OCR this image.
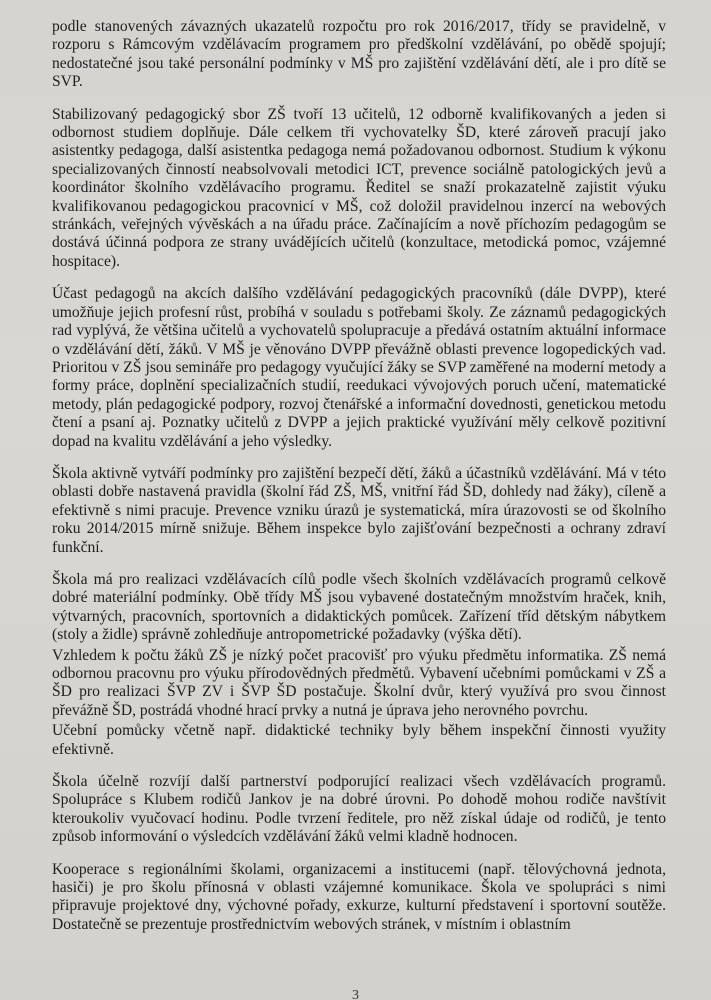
podle stanovených závazných ukazatelů rozpočtu pro rok 2016/2017, třídy se pravidelně, v rozporu s Rámcovým vzdělávacím programem pro předškolní vzdělávání, po obědě spojují; nedostatečné jsou také personální podmínky v MŠ pro zajištění vzdělávání dětí, ale i pro dítě se SVP.

Stabilizovaný pedagogický sbor ZŠ tvoří 13 učitelů, 12 odborně kvalifikovaných a jeden si odbornost studiem doplňuje. Dále celkem tři vychovatelky ŠD, které zároveň pracují jako asistentky pedagoga, další asistentka pedagoga nemá požadovanou odbornost. Studium k výkonu specializovaných činností neabsolvovali metodici ICT, prevence sociálně patologických jevů a koordinátor školního vzdělávacího programu. Ředitel se snaží prokazatelně zajistit výuku kvalifikovanou pedagogickou pracovnicí v MŠ, což doložil pravidelnou inzercí na webových stránkách, veřejných vývěskách a na úřadu práce. Začínajícím a nově příchozím pedagogům se dostává účinná podpora ze strany uvádějících učitelů (konzultace, metodická pomoc, vzájemné hospitace).

Účast pedagogů na akcích dalšího vzdělávání pedagogických pracovníků (dále DVPP), které umožňuje jejich profesní růst, probíhá v souladu s potřebami školy. Ze záznamů pedagogických rad vyplývá, že většina učitelů a vychovatelů spolupracuje a předává ostatním aktuální informace o vzdělávání dětí, žáků. V MŠ je věnováno DVPP převážně oblasti prevence logopedických vad. Prioritou v ZŠ jsou semináře pro pedagogy vyučující žáky se SVP zaměřené na moderní metody a formy práce, doplnění specializačních studií, reedukaci vývojových poruch učení, matematické metody, plán pedagogické podpory, rozvoj čtenářské a informační dovednosti, genetickou metodu čtení a psaní aj. Poznatky učitelů z DVPP a jejich praktické využívání měly celkově pozitivní dopad na kvalitu vzdělávání a jeho výsledky.

Škola aktivně vytváří podmínky pro zajištění bezpečí dětí, žáků a účastníků vzdělávání. Má v této oblasti dobře nastavená pravidla (školní řád ZŠ, MŠ, vnitřní řád ŠD, dohledy nad žáky), cíleně a efektivně s nimi pracuje. Prevence vzniku úrazů je systematická, míra úrazovosti se od školního roku 2014/2015 mírně snižuje. Během inspekce bylo zajišťování bezpečnosti a ochrany zdraví funkční.

Škola má pro realizaci vzdělávacích cílů podle všech školních vzdělávacích programů celkově dobré materiální podmínky. Obě třídy MŠ jsou vybavené dostatečným množstvím hraček, knih, výtvarných, pracovních, sportovních a didaktických pomůcek. Zařízení tříd dětským nábytkem (stoly a židle) správně zohledňuje antropometrické požadavky (výška dětí).

Vzhledem k počtu žáků ZŠ je nízký počet pracovišť pro výuku předmětu informatika. ZŠ nemá odbornou pracovnu pro výuku přírodovědných předmětů. Vybavení učebními pomůckami v ZŠ a ŠD pro realizaci ŠVP ZV i ŠVP ŠD postačuje. Školní dvůr, který využívá pro svou činnost převážně ŠD, postrádá vhodné hrací prvky a nutná je úprava jeho nerovného povrchu.

Učební pomůcky včetně např. didaktické techniky byly během inspekční činnosti využity efektivně.

Škola účelně rozvíjí další partnerství podporující realizaci všech vzdělávacích programů. Spolupráce s Klubem rodičů Jankov je na dobré úrovni. Po dohodě mohou rodiče navštívit kteroukoliv vyučovací hodinu. Podle tvrzení ředitele, pro něž získal údaje od rodičů, je tento způsob informování o výsledcích vzdělávání žáků velmi kladně hodnocen.

Kooperace s regionálními školami, organizacemi a institucemi (např. tělovýchovná jednota, hasiči) je pro školu přínosná v oblasti vzájemné komunikace. Škola ve spolupráci s nimi připravuje projektové dny, výchovné pořady, exkurze, kulturní představení i sportovní soutěže. Dostatečně se prezentuje prostřednictvím webových stránek, v místním i oblastním

3
